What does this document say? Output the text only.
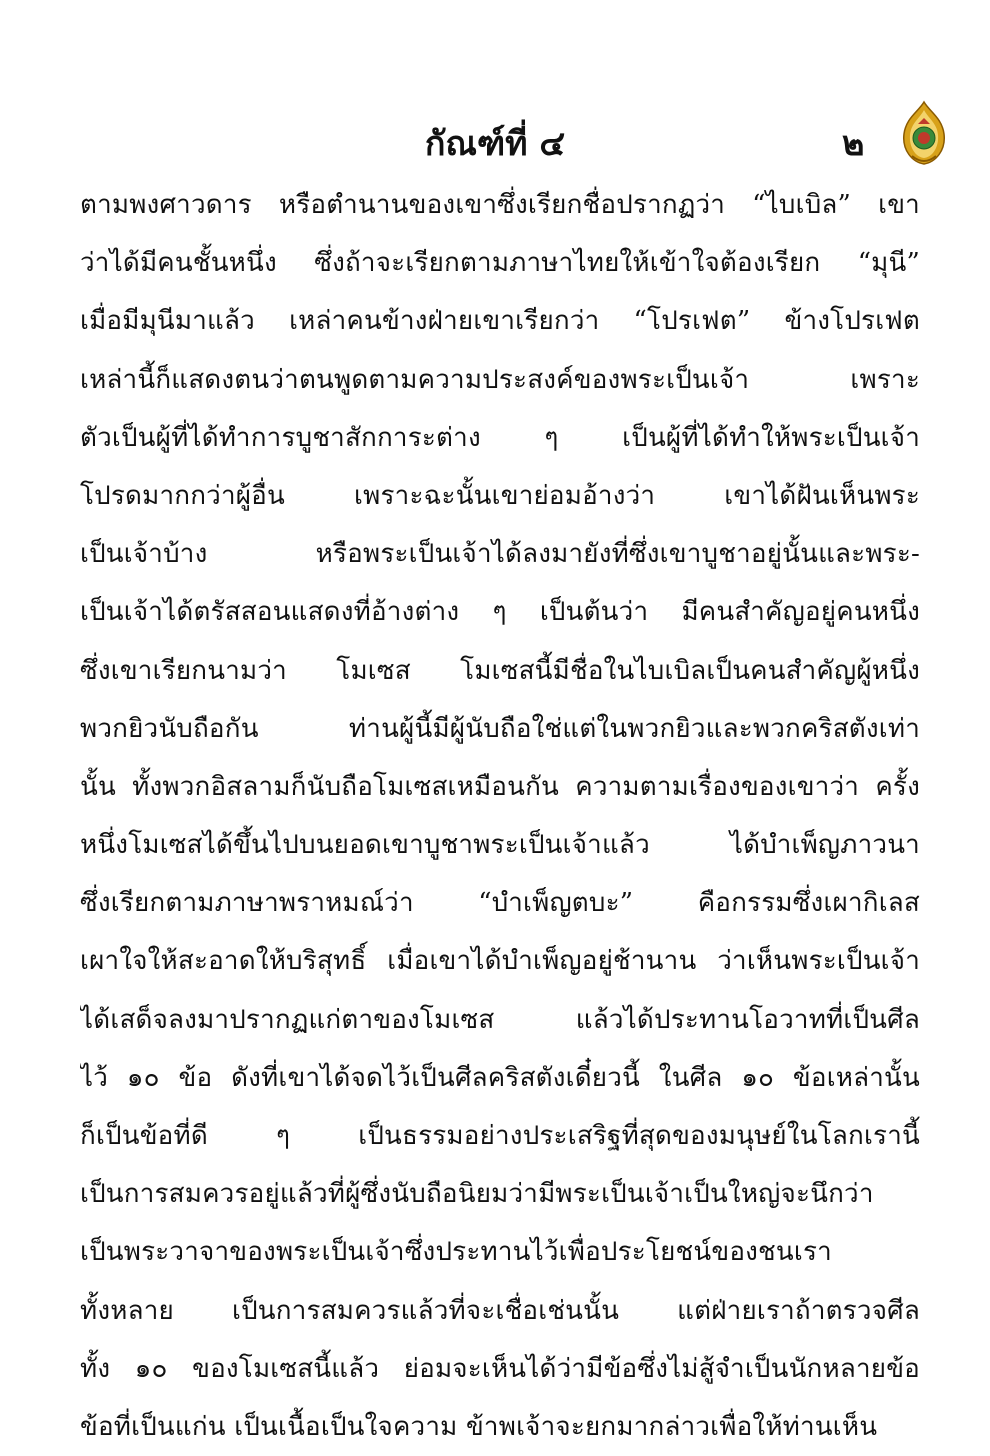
กัณฑ์ที่ ๔	๒
ตามพงศาวดาร หรือตำนานของเขาซึ่งเรียกชื่อปรากฏว่า “ไบเบิล” เขา
ว่าได้มีคนชั้นหนึ่ง ซึ่งถ้าจะเรียกตามภาษาไทยให้เข้าใจต้องเรียก “มุนี”
เมื่อมีมุนีมาแล้ว เหล่าคนข้างฝ่ายเขาเรียกว่า “โปรเฟต” ข้างโปรเฟต
เหล่านี้ก็แสดงตนว่าตนพูดตามความประสงค์ของพระเป็นเจ้า เพราะ
ตัวเป็นผู้ที่ได้ทำการบูชาสักการะต่าง ๆ เป็นผู้ที่ได้ทำให้พระเป็นเจ้า
โปรดมากกว่าผู้อื่น เพราะฉะนั้นเขาย่อมอ้างว่า เขาได้ฝันเห็นพระ
เป็นเจ้าบ้าง หรือพระเป็นเจ้าได้ลงมายังที่ซึ่งเขาบูชาอยู่นั้นและพระ-
เป็นเจ้าได้ตรัสสอนแสดงที่อ้างต่าง ๆ เป็นต้นว่า มีคนสำคัญอยู่คนหนึ่ง
ซึ่งเขาเรียกนามว่า โมเซส โมเซสนี้มีชื่อในไบเบิลเป็นคนสำคัญผู้หนึ่ง
พวกยิวนับถือกัน ท่านผู้นี้มีผู้นับถือใช่แต่ในพวกยิวและพวกคริสตังเท่า
นั้น ทั้งพวกอิสลามก็นับถือโมเซสเหมือนกัน ความตามเรื่องของเขาว่า ครั้ง
หนึ่งโมเซสได้ขึ้นไปบนยอดเขาบูชาพระเป็นเจ้าแล้ว ได้บำเพ็ญภาวนา
ซึ่งเรียกตามภาษาพราหมณ์ว่า “บำเพ็ญตบะ” คือกรรมซึ่งเผากิเลส
เผาใจให้สะอาดให้บริสุทธิ์ เมื่อเขาได้บำเพ็ญอยู่ช้านาน ว่าเห็นพระเป็นเจ้า
ได้เสด็จลงมาปรากฏแก่ตาของโมเซส แล้วได้ประทานโอวาทที่เป็นศีล
ไว้ ๑๐ ข้อ ดังที่เขาได้จดไว้เป็นศีลคริสตังเดี๋ยวนี้ ในศีล ๑๐ ข้อเหล่านั้น
ก็เป็นข้อที่ดี ๆ เป็นธรรมอย่างประเสริฐที่สุดของมนุษย์ในโลกเรานี้
เป็นการสมควรอยู่แล้วที่ผู้ซึ่งนับถือนิยมว่ามีพระเป็นเจ้าเป็นใหญ่จะนึกว่า
เป็นพระวาจาของพระเป็นเจ้าซึ่งประทานไว้เพื่อประโยชน์ของชนเรา
ทั้งหลาย เป็นการสมควรแล้วที่จะเชื่อเช่นนั้น แต่ฝ่ายเราถ้าตรวจศีล
ทั้ง ๑๐ ของโมเซสนี้แล้ว ย่อมจะเห็นได้ว่ามีข้อซึ่งไม่สู้จำเป็นนักหลายข้อ
ข้อที่เป็นแก่น เป็นเนื้อเป็นใจความ ข้าพเจ้าจะยกมากล่าวเพื่อให้ท่านเห็น
